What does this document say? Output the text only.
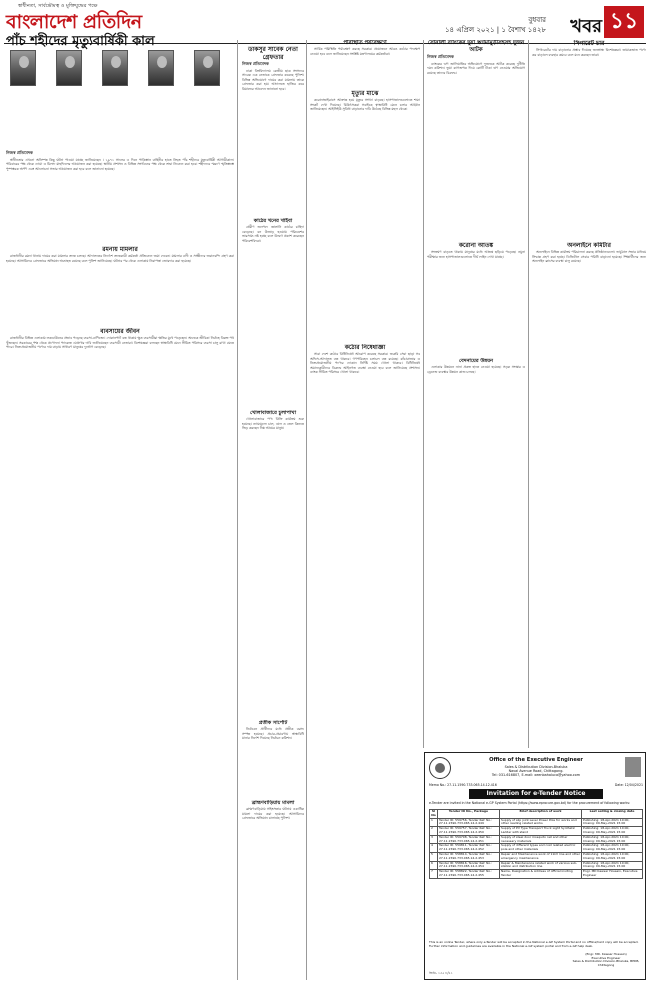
স্বাধীনতা, সার্বভৌমত্ব ও মুক্তিযুদ্ধের পক্ষে
বাংলাদেশ প্রতিদিন	বুধবার
১৪ এপ্রিল ২০২১ | ১ বৈশাখ ১৪২৮ খবর ১১
পাঁচ শহীদের মৃত্যুবার্ষিকী কাল
নিজস্ব প্রতিবেদক

স্বাধীনতার এখনো অনিষ্পন্ন কিছু ঘটনা পাওয়া যাচ্ছে জানিয়েছেন । ১৯৭১ সালের এ দিনে পাকিস্তান বাহিনীর হাতে নিহত পাঁচ শহীদের মৃত্যুবার্ষিকী আগামীকাল। পরিবারের পক্ষ থেকে দোয়া ও মিলাদ মাহফিলের আয়োজন করা হয়েছে। স্থানীয় প্রশাসন ও বিভিন্ন সংগঠনের পক্ষ থেকে শ্রদ্ধা নিবেদন করা হবে। শহীদদের স্মরণে স্মৃতিস্তম্ভে পুষ্পস্তবক অর্পণ এবং আলোচনা সভার আয়োজন করা হবে বলে জানানো হয়েছে।

রমনায় মামলার

রাজধানীর রমনা থানায় দায়ের করা মামলার তদন্ত চলছে। আদালতের নির্দেশে তদন্তকারী কর্মকর্তা প্রতিবেদন জমা দেবেন। মামলার বাদী ও সাক্ষীদের জবানবন্দি গ্রহণ করা হয়েছে। আসামিদের গ্রেফতারে অভিযান অব্যাহত রয়েছে বলে পুলিশ জানিয়েছে। ঘটনার পর থেকে এলাকায় নিরাপত্তা জোরদার করা হয়েছে।

ব্যবসায়ের জীবন

রাজধানীর বিভিন্ন এলাকায় লকডাউনের প্রভাব পড়েছে ব্যবসা-বাণিজ্যে। দোকানপাট বন্ধ থাকায় ক্ষুদ্র ব্যবসায়ীরা ক্ষতির মুখে পড়েছেন। অনেকে জীবিকা নির্বাহে বিকল্প পথ খুঁজছেন। সরকারের পক্ষ থেকে প্রণোদনা প্যাকেজ ঘোষণার দাবি জানিয়েছেন ব্যবসায়ী নেতারা। বিশেষজ্ঞরা বলছেন স্বাস্থ্যবিধি মেনে সীমিত পরিসরে ব্যবসা চালু রাখা যেতে পারে। নিত্যপ্রয়োজনীয় পণ্যের দাম বাড়ায় সাধারণ মানুষের দুর্ভোগ বেড়েছে।

ডাকসুর সাবেক নেতা গ্রেফতার
নিজস্ব প্রতিবেদক

ঢাকা বিশ্ববিদ্যালয় কেন্দ্রীয় ছাত্র সংসদের সাবেক এক নেতাকে গ্রেফতার করেছে পুলিশ। বিভিন্ন অভিযোগে দায়ের করা মামলায় তাকে গ্রেফতার করা হয়। আদালতে হাজির করে রিমান্ডের আবেদন জানানো হবে।

কাঠের খনের খাইবা

গ্রামীণ জনপদে জ্বালানি কাঠের চাহিদা বেড়েছে। বন উজাড় হওয়ায় পরিবেশের ভারসাম্য নষ্ট হচ্ছে বলে উদ্বেগ প্রকাশ করেছেন পরিবেশবিদরা।

খোলাবাজারে চুলাপাখা

খোলাবাজারে পণ্য বিক্রি কার্যক্রম শুরু হয়েছে। ন্যায্যমূল্যে চাল, ডাল ও তেল কিনতে ভিড় করছেন নিম্ন আয়ের মানুষ।

প্রতীক সার্পোট

নির্বাচনে প্রার্থীদের মধ্যে প্রতীক বরাদ্দ সম্পন্ন হয়েছে। প্রচার-প্রচারণায় স্বাস্থ্যবিধি মানার নির্দেশ দিয়েছে নির্বাচন কমিশন।

ব্রাহ্মণবাড়িয়ায় মামলা

ব্রাহ্মণবাড়িয়ায় সহিংসতার ঘটনায় একাধিক মামলা দায়ের করা হয়েছে। আসামিদের গ্রেফতারে অভিযান চালাচ্ছে পুলিশ।

পরিস্থিতি পর্যবেক্ষণে

সার্বিক পরিস্থিতি পর্যবেক্ষণ করছে সরকার। প্রয়োজনে আরও কঠোর পদক্ষেপ নেওয়া হবে বলে জানিয়েছেন সংশ্লিষ্ট মন্ত্রণালয়ের কর্মকর্তারা।

মৃত্যুর মাঝে

করোনাভাইরাসে আক্রান্ত হয়ে মৃত্যুর সংখ্যা বাড়ছে। হাসপাতালগুলোতে শয্যা সংকট দেখা দিয়েছে। চিকিৎসকরা সবাইকে স্বাস্থ্যবিধি মেনে চলার আহ্বান জানিয়েছেন। আইসিইউ সুবিধা বাড়ানোর দাবি উঠেছে বিভিন্ন মহল থেকে।

কঠোর নিষেধাজ্ঞা

সারা দেশে কঠোর বিধিনিষেধ আরোপ করেছে সরকার। জরুরি সেবা ছাড়া সব অফিস-আদালত বন্ধ থাকবে। গণপরিবহন চলাচল বন্ধ রয়েছে। কাঁচাবাজার ও নিত্যপ্রয়োজনীয় পণ্যের দোকান নির্দিষ্ট সময় খোলা থাকবে। বিধিনিষেধ অমান্যকারীদের বিরুদ্ধে আইনগত ব্যবস্থা নেওয়া হবে বলে জানিয়েছে প্রশাসন। ব্যাংক সীমিত পরিসরে খোলা থাকবে।

সোনালী ব্যাংকের দুয়া ঋণমামুড়ীসহসহ দুজন আটক
নিজস্ব প্রতিবেদক

ব্যাংকের ঋণ জালিয়াতির অভিযোগে দুজনকে আটক করেছে দুর্নীতি দমন কমিশন। ভুয়া কাগজপত্র দিয়ে কোটি টাকা ঋণ নেওয়ার অভিযোগ রয়েছে তাদের বিরুদ্ধে।

করোনা আতঙ্ক

সংক্রমণ বাড়তে থাকায় মানুষের মধ্যে আতঙ্ক ছড়িয়ে পড়েছে। নমুনা পরীক্ষার জন্য হাসপাতালগুলোতে দীর্ঘ লাইন দেখা যাচ্ছে।

বেদনায়ের উন্নয়ন

এলাকার উন্নয়নে নানা প্রকল্প হাতে নেওয়া হয়েছে। সড়ক সংস্কার ও ড্রেনেজ ব্যবস্থার উন্নয়ন কাজ চলছে।

সিগারেট চার

সিগারেটের দাম বাড়ানোর প্রস্তাব দিয়েছে জনস্বাস্থ্য বিশেষজ্ঞরা। তামাকজাত পণ্যে কর বাড়ালে ব্যবহার কমবে বলে মনে করছেন তারা।

অনলাইনে কমিটার

অনলাইনে বিভিন্ন কার্যক্রম পরিচালনা করছে প্রতিষ্ঠানগুলো। ভার্চুয়াল সভার মাধ্যমে সিদ্ধান্ত গ্রহণ করা হচ্ছে। ডিজিটাল সেবার পরিধি বাড়ানো হয়েছে। শিক্ষার্থীদের জন্য অনলাইন ক্লাসের ব্যবস্থা চালু রয়েছে।

Office of the Executive Engineer
Sales & Distribution Division-Bhaluka
Naval Avenue Road, Chittagong.
Tel: 031-616807, E-mail: xeenbahaluca@yahoo.com
Memo No.: 27.11.1590.733.065.14.12.416	Date: 12/04/2021
Invitation for e-Tender Notice
e-Tender are invited in the National e-GP System Portal (https://www.eprocure.gov.bd) for the procurement of following works:
Sl No	Tender ID No., Package	Brief description of work	Last selling & closing date
1	Tender ID: 559756, Tender Ref. No.: 27.11.1590.733.065.14.2.449	Supply of slip joint Lever Power Pole for works and other reading related works	Publishing: 18-Apr-2021 10:00, Closing: 09-May-2021 15:00
2	Tender ID: 559757, Tender Ref. No.: 27.11.1590.733.065.14.2.450	Supply of PV Type Transport Truck Light Synthetic Ladder with stand	Publishing: 18-Apr-2021 10:00, Closing: 09-May-2021 15:00
3	Tender ID: 559798, Tender Ref. No.: 27.11.1590.733.065.14.2.451	Supply of steel door mosquito net and other necessary materials	Publishing: 18-Apr-2021 10:00, Closing: 09-May-2021 15:00
4	Tender ID: 559811, Tender Ref. No.: 27.11.1590.733.065.14.2.452	Supply of different types and cost related electric pole and other materials	Publishing: 18-Apr-2021 10:00, Closing: 09-May-2021 15:00
5	Tender ID: 558814, Tender Ref. No.: 27.11.1590.733.065.14.2.453	Repair and Maintenance work of 11kV line and other emergency maintenance	Publishing: 18-Apr-2021 10:00, Closing: 09-May-2021 15:00
6	Tender ID: 558816, Tender Ref. No.: 27.11.1590.733.065.14.2.454	Repair & Maintenance related work of various sub-station and distribution line	Publishing: 18-Apr-2021 10:00, Closing: 09-May-2021 15:00
7	Tender ID: 558822, Tender Ref. No.: 27.11.1590.733.065.14.2.455	Name, Designation & Address of official inviting Tender	Engr. MD Kawsar Hossain, Executive Engineer
This is an online Tender, where only e-Tender will be accepted in the National e-GP System Portal and no offline/hard copy will be accepted. Further information and guidelines are available in the National e-GP system portal and from e-GP help desk.
(Engr. MD. Kawsar Hossain)
Executive Engineer
Sales & Distribution Division-Bhaluka, BPDB, Chittagong
জিডি- ১৩৫ ৮/২১
